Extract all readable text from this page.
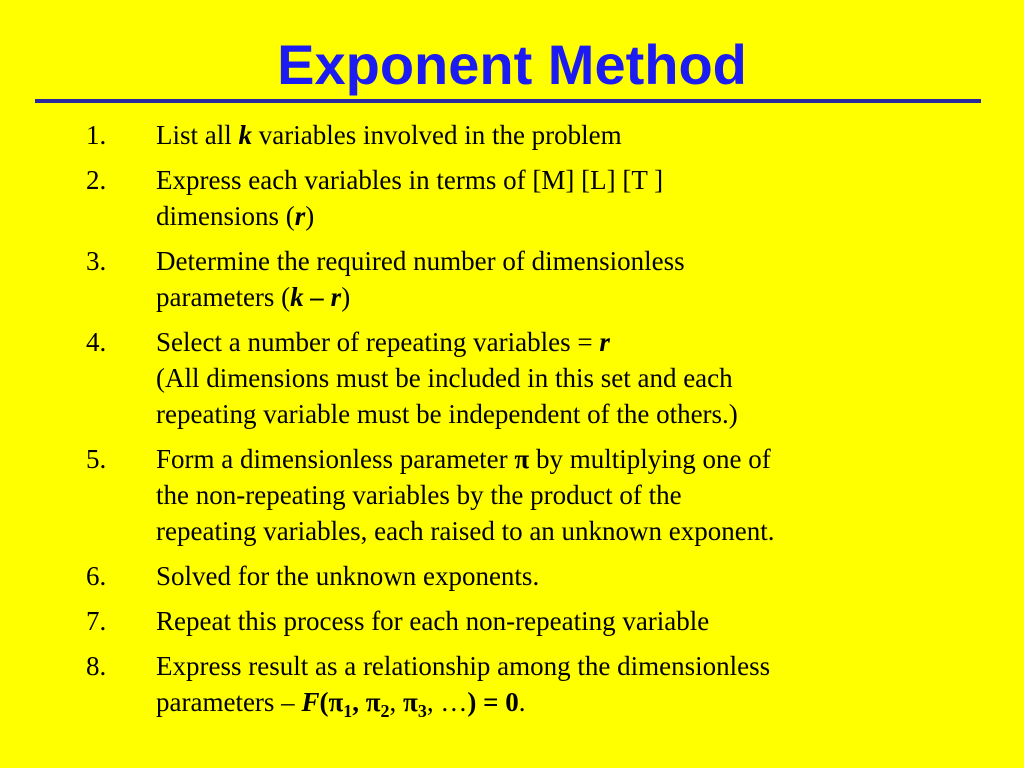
Exponent Method
1.	List all k variables involved in the problem
2.	Express each variables in terms of [M] [L] [T ]
dimensions (r)
3.	Determine the required number of dimensionless
parameters (k – r)
4.	Select a number of repeating variables = r
(All dimensions must be included in this set and each
repeating variable must be independent of the others.)
5.	Form a dimensionless parameter π by multiplying one of
the non-repeating variables by the product of the
repeating variables, each raised to an unknown exponent.
6.	Solved for the unknown exponents.
7.	Repeat this process for each non-repeating variable
8.	Express result as a relationship among the dimensionless
parameters – $F(\pi_1$, $\pi_2$, $\pi_3$, …) = 0.
